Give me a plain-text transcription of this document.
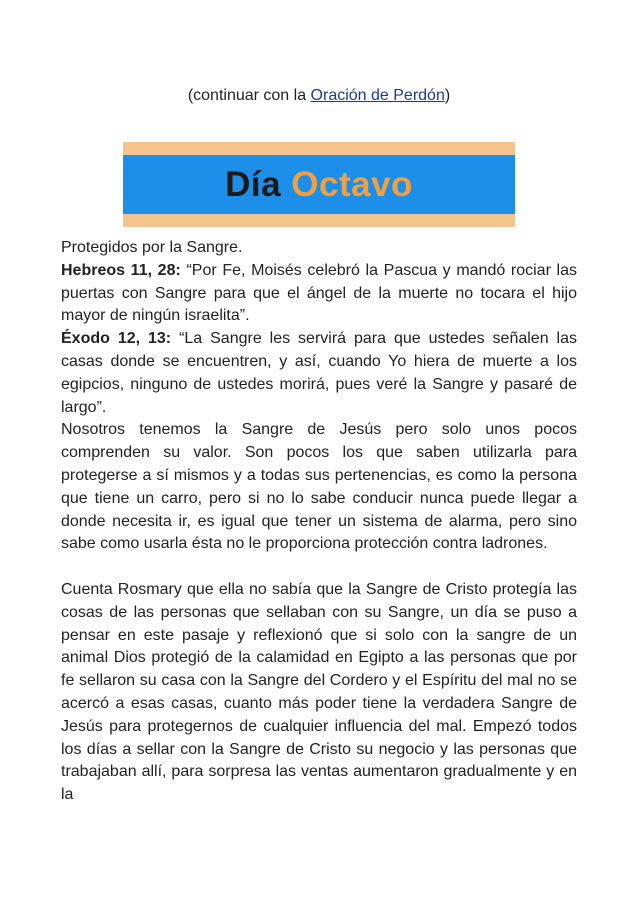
(continuar con la Oración de Perdón)
Día Octavo

Protegidos por la Sangre.

Hebreos 11, 28: “Por Fe, Moisés celebró la Pascua y mandó rociar las puertas con Sangre para que el ángel de la muerte no tocara el hijo mayor de ningún israelita”.

Éxodo 12, 13: “La Sangre les servirá para que ustedes señalen las casas donde se encuentren, y así, cuando Yo hiera de muerte a los egipcios, ninguno de ustedes morirá, pues veré la Sangre y pasaré de largo”.

Nosotros tenemos la Sangre de Jesús pero solo unos pocos comprenden su valor. Son pocos los que saben utilizarla para protegerse a sí mismos y a todas sus pertenencias, es como la persona que tiene un carro, pero si no lo sabe conducir nunca puede llegar a donde necesita ir, es igual que tener un sistema de alarma, pero sino sabe como usarla ésta no le proporciona protección contra ladrones.

Cuenta Rosmary que ella no sabía que la Sangre de Cristo protegía las cosas de las personas que sellaban con su Sangre, un día se puso a pensar en este pasaje y reflexionó que si solo con la sangre de un animal Dios protegió de la calamidad en Egipto a las personas que por fe sellaron su casa con la Sangre del Cordero y el Espíritu del mal no se acercó a esas casas, cuanto más poder tiene la verdadera Sangre de Jesús para protegernos de cualquier influencia del mal. Empezó todos los días a sellar con la Sangre de Cristo su negocio y las personas que trabajaban allí, para sorpresa las ventas aumentaron gradualmente y en la
